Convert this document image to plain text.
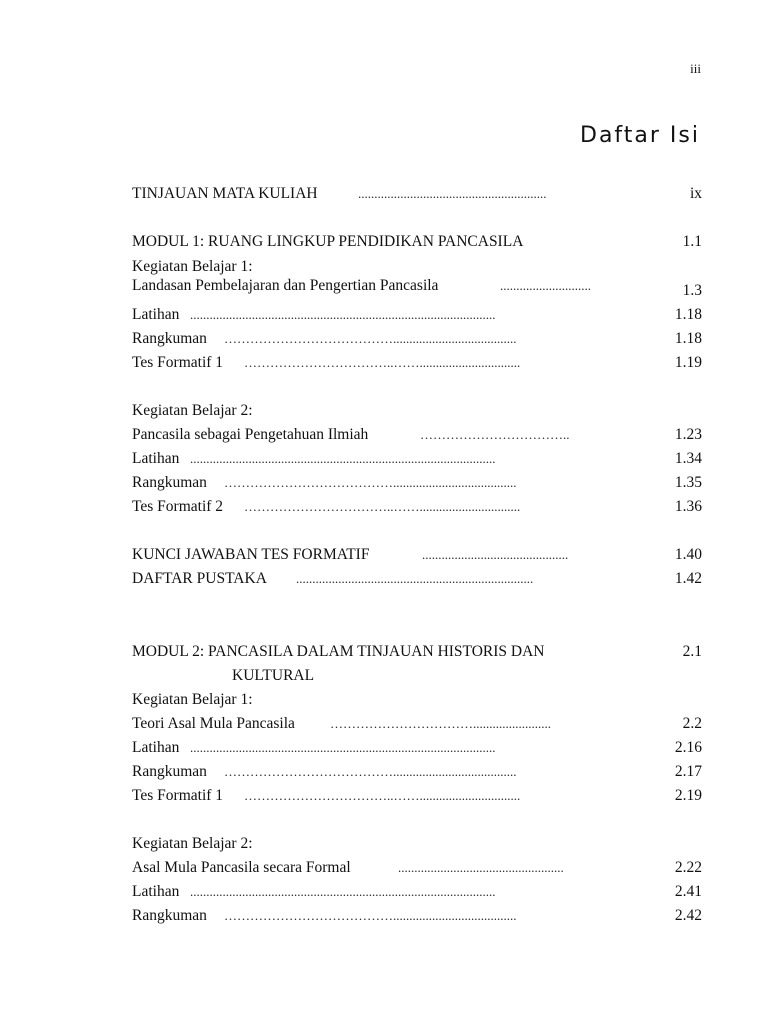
iii
Daftar Isi
TINJAUAN MATA KULIAH	..........................................................	ix
MODUL 1: RUANG LINGKUP PENDIDIKAN PANCASILA	1.1
Kegiatan Belajar 1:
Landasan Pembelajaran dan Pengertian Pancasila	............................	1.3
Latihan ..............................................................................................	1.18
Rangkuman …………………………………......................................	1.18
Tes Formatif 1 ……………………………..……...............................	1.19
Kegiatan Belajar 2:
Pancasila sebagai Pengetahuan Ilmiah	……………………………..	1.23
Latihan ..............................................................................................	1.34
Rangkuman …………………………………......................................	1.35
Tes Formatif 2 ……………………………..……...............................	1.36
KUNCI JAWABAN TES FORMATIF	.............................................	1.40
DAFTAR PUSTAKA .........................................................................	1.42
MODUL 2: PANCASILA DALAM TINJAUAN HISTORIS DAN	2.1
KULTURAL
Kegiatan Belajar 1:
Teori Asal Mula Pancasila	……………………………........................	2.2
Latihan ..............................................................................................	2.16
Rangkuman …………………………………......................................	2.17
Tes Formatif 1 ……………………………..……...............................	2.19
Kegiatan Belajar 2:
Asal Mula Pancasila secara Formal	...................................................	2.22
Latihan ..............................................................................................	2.41
Rangkuman …………………………………......................................	2.42
